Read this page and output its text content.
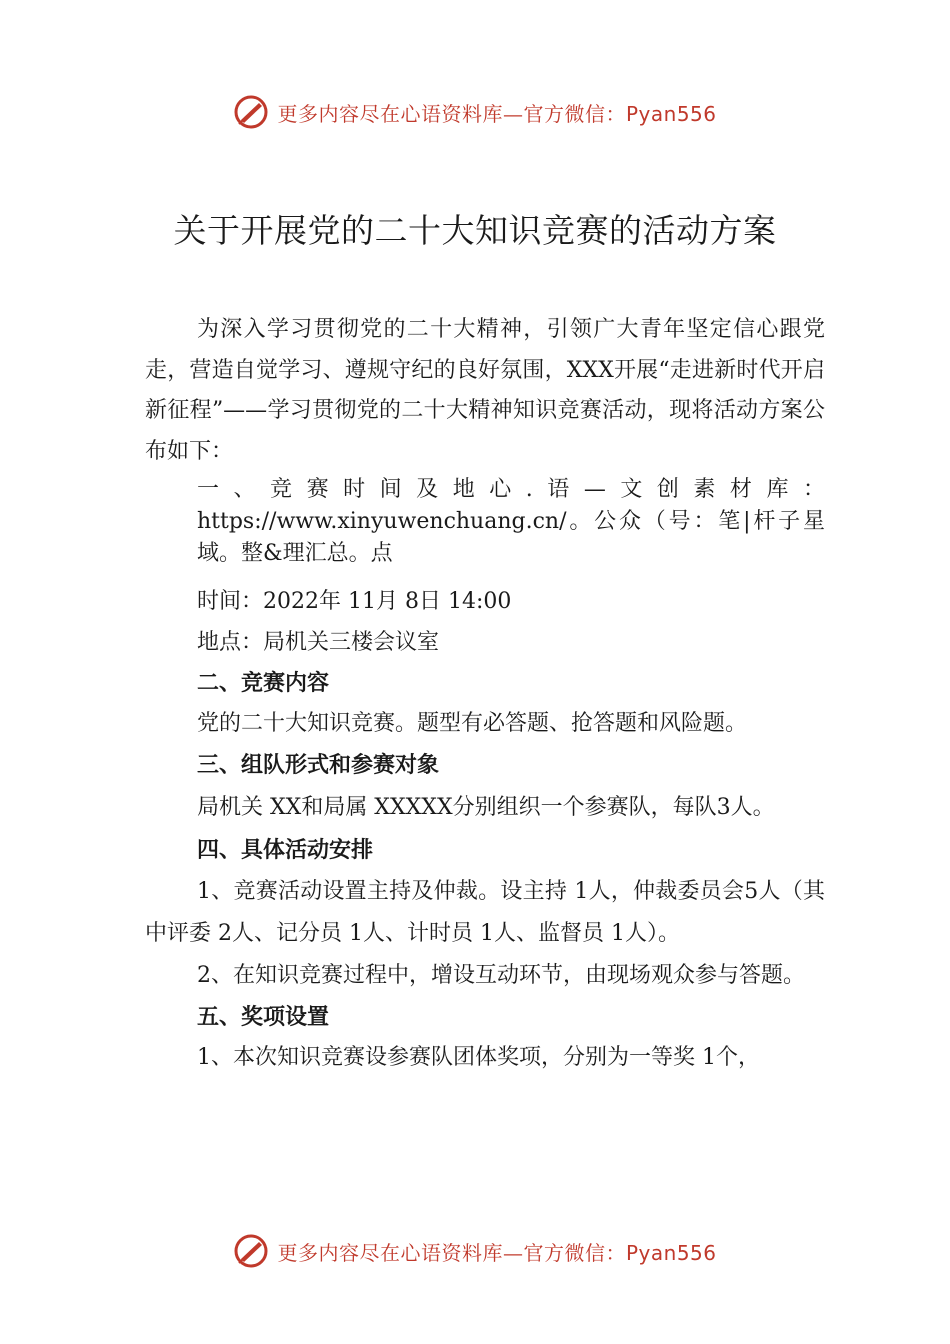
更多内容尽在心语资料库—官方微信：Pyan556
关于开展党的二十大知识竞赛的活动方案

为深入学习贯彻党的二十大精神，引领广大青年坚定信心跟党走，营造自觉学习、遵规守纪的良好氛围，XXX开展“走进新时代开启新征程”——学习贯彻党的二十大精神知识竞赛活动，现将活动方案公布如下：

一、竞赛时间及地心.语—文创素材库：https://www.xinyuwenchuang.cn/。公众（号：笔|杆子星域。整&理汇总。点

时间：2022年 11月 8日 14:00

地点：局机关三楼会议室

二、竞赛内容

党的二十大知识竞赛。题型有必答题、抢答题和风险题。

三、组队形式和参赛对象

局机关 XX和局属 XXXXX分别组织一个参赛队，每队3人。

四、具体活动安排

1、竞赛活动设置主持及仲裁。设主持 1人，仲裁委员会5人（其中评委 2人、记分员 1人、计时员 1人、监督员 1人）。

2、在知识竞赛过程中，增设互动环节，由现场观众参与答题。

五、奖项设置

1、本次知识竞赛设参赛队团体奖项，分别为一等奖 1个，

更多内容尽在心语资料库—官方微信：Pyan556
